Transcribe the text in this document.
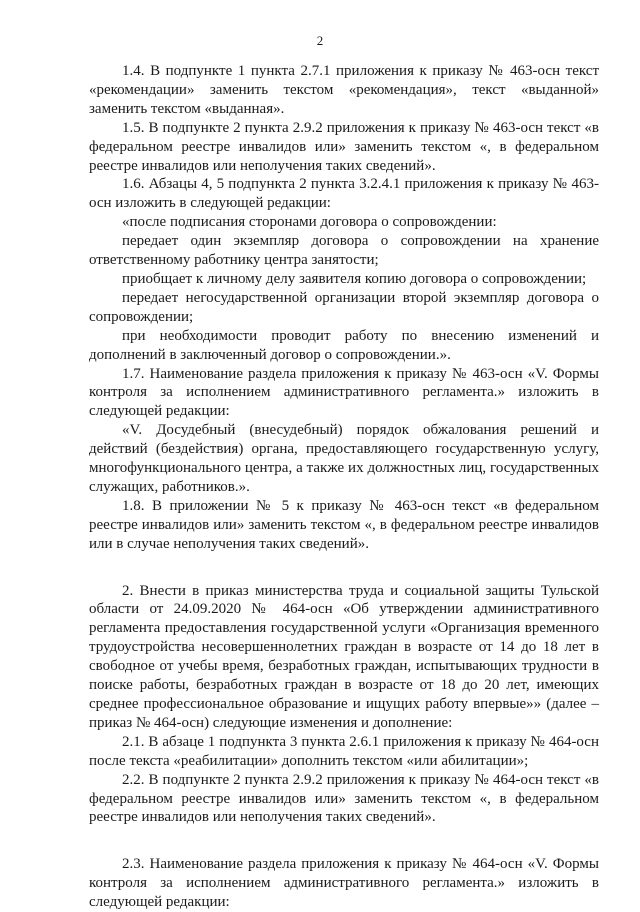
2

1.4. В подпункте 1 пункта 2.7.1 приложения к приказу № 463-осн текст «рекомендации» заменить текстом «рекомендация», текст «выданной» заменить текстом «выданная».

1.5. В подпункте 2 пункта 2.9.2 приложения к приказу № 463-осн текст «в федеральном реестре инвалидов или» заменить текстом «, в федеральном реестре инвалидов или неполучения таких сведений».

1.6. Абзацы 4, 5 подпункта 2 пункта 3.2.4.1 приложения к приказу № 463-осн изложить в следующей редакции:

«после подписания сторонами договора о сопровождении:

передает один экземпляр договора о сопровождении на хранение ответственному работнику центра занятости;

приобщает к личному делу заявителя копию договора о сопровождении;

передает негосударственной организации второй экземпляр договора о сопровождении;

при необходимости проводит работу по внесению изменений и дополнений в заключенный договор о сопровождении.».

1.7. Наименование раздела приложения к приказу № 463-осн «V. Формы контроля за исполнением административного регламента.» изложить в следующей редакции:

«V. Досудебный (внесудебный) порядок обжалования решений и действий (бездействия) органа, предоставляющего государственную услугу, многофункционального центра, а также их должностных лиц, государственных служащих, работников.».

1.8. В приложении № 5 к приказу № 463-осн текст «в федеральном реестре инвалидов или» заменить текстом «, в федеральном реестре инвалидов или в случае неполучения таких сведений».

2. Внести в приказ министерства труда и социальной защиты Тульской области от 24.09.2020 № 464-осн «Об утверждении административного регламента предоставления государственной услуги «Организация временного трудоустройства несовершеннолетних граждан в возрасте от 14 до 18 лет в свободное от учебы время, безработных граждан, испытывающих трудности в поиске работы, безработных граждан в возрасте от 18 до 20 лет, имеющих среднее профессиональное образование и ищущих работу впервые»» (далее – приказ № 464-осн) следующие изменения и дополнение:

2.1. В абзаце 1 подпункта 3 пункта 2.6.1 приложения к приказу № 464-осн после текста «реабилитации» дополнить текстом «или абилитации»;

2.2. В подпункте 2 пункта 2.9.2 приложения к приказу № 464-осн текст «в федеральном реестре инвалидов или» заменить текстом «, в федеральном реестре инвалидов или неполучения таких сведений».

2.3. Наименование раздела приложения к приказу № 464-осн «V. Формы контроля за исполнением административного регламента.» изложить в следующей редакции:
